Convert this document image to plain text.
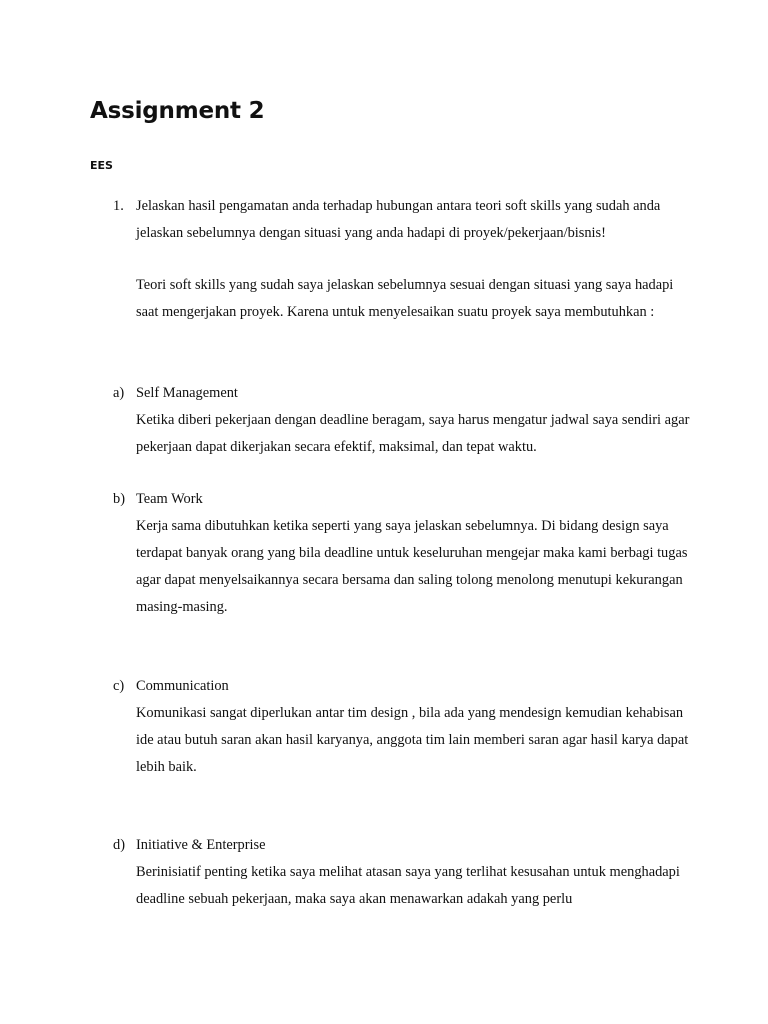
Assignment 2
EES
1. Jelaskan hasil pengamatan anda terhadap hubungan antara teori soft skills yang sudah anda jelaskan sebelumnya dengan situasi yang anda hadapi di proyek/pekerjaan/bisnis!

Teori soft skills yang sudah saya jelaskan sebelumnya sesuai dengan situasi yang saya hadapi saat mengerjakan proyek. Karena untuk menyelesaikan suatu proyek saya membutuhkan :

a) Self Management

Ketika diberi pekerjaan dengan deadline beragam, saya harus mengatur jadwal saya sendiri agar pekerjaan dapat dikerjakan secara efektif, maksimal, dan tepat waktu.

b) Team Work

Kerja sama dibutuhkan ketika seperti yang saya jelaskan sebelumnya. Di bidang design saya terdapat banyak orang yang bila deadline untuk keseluruhan mengejar maka kami berbagi tugas agar dapat menyelsaikannya secara bersama dan saling tolong menolong menutupi kekurangan masing-masing.

c) Communication

Komunikasi sangat diperlukan antar tim design , bila ada yang mendesign kemudian kehabisan ide atau butuh saran akan hasil karyanya, anggota tim lain memberi saran agar hasil karya dapat lebih baik.

d) Initiative & Enterprise

Berinisiatif penting ketika saya melihat atasan saya yang terlihat kesusahan untuk menghadapi deadline sebuah pekerjaan, maka saya akan menawarkan adakah yang perlu
